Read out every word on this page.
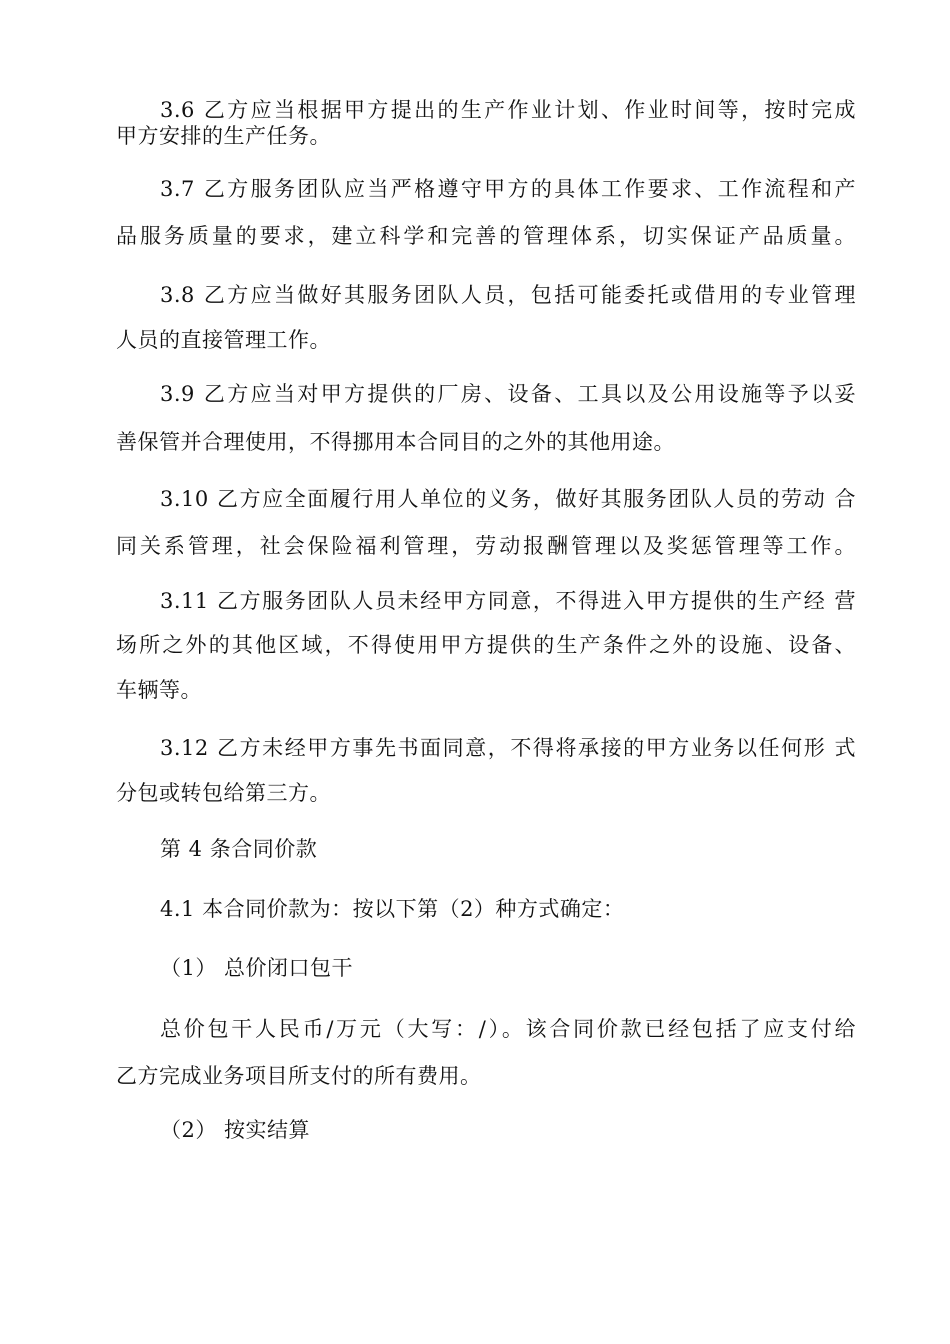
3.6 乙方应当根据甲方提出的生产作业计划、作业时间等，按时完成
甲方安排的生产任务。
3.7 乙方服务团队应当严格遵守甲方的具体工作要求、工作流程和产
品服务质量的要求，建立科学和完善的管理体系，切实保证产品质量。
3.8 乙方应当做好其服务团队人员，包括可能委托或借用的专业管理
人员的直接管理工作。
3.9 乙方应当对甲方提供的厂房、设备、工具以及公用设施等予以妥
善保管并合理使用，不得挪用本合同目的之外的其他用途。
3.10 乙方应全面履行用人单位的义务，做好其服务团队人员的劳动 合
同关系管理，社会保险福利管理，劳动报酬管理以及奖惩管理等工作。
3.11 乙方服务团队人员未经甲方同意，不得进入甲方提供的生产经 营
场所之外的其他区域，不得使用甲方提供的生产条件之外的设施、设备、
车辆等。
3.12 乙方未经甲方事先书面同意，不得将承接的甲方业务以任何形 式
分包或转包给第三方。
第 4 条合同价款
4.1 本合同价款为：按以下第（2）种方式确定：
（1） 总价闭口包干
总价包干人民币/万元（大写：/）。该合同价款已经包括了应支付给
乙方完成业务项目所支付的所有费用。
（2） 按实结算
